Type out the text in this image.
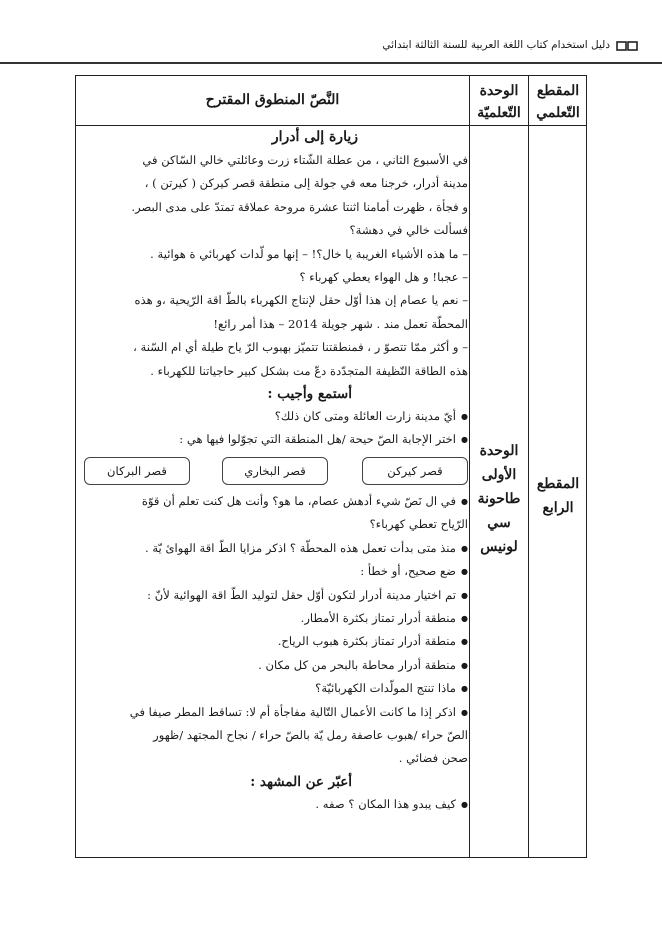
دليل استخدام كتاب اللغة العربية للسنة الثالثة ابتدائي
المقطع التّعلمي
الوحدة التّعلميّة
النَّصّ المنطوق المقترح
المقطع الرابع
الوحدة الأولى طاحونة سي لونيس
زيارة إلى أدرار
في الأسبوع الثاني ، من عطلة الشّتاء زرت وعائلتي خالي السّاكن في
مدينة أدرار، خرجنا معه في جولة إلى منطقة قصر كيركن ( كيرتن ) ،
و فجأة ، ظهرت أمامنا اثنتا عشرة مروحة عملاقة تمتدّ على مدى البصر.
فسألت خالي في دهشة؟
– ما هذه الأشياء الغريبة يا خال؟! – إنها مو لّدات كهربائي ة هوائية .
– عجبا! و هل الهواء يعطي كهرباء ؟
– نعم يا عصام إن هذا أوّل حقل لإنتاج الكهرباء بالطّ اقة الرّيحية ،و هذه
المحطّة تعمل مند . شهر جويلة 2014 – هذا أمر رائع!
– و أكثر ممّا تتصوّ ر ، فمنطقتنا تتميّز بهبوب الرّ ياح طيلة أي ام السّنة ،
هذه الطاقة النّظيفة المتجدّدة دعّ مت بشكل كبير حاجياتنا للكهرباء .
أستمع وأجيب :
● أيّ مدينة زارت العائلة ومتى كان ذلك؟
● اختر الإجابة الصّ حيحة /هل المنطقة التي تجوّلوا فيها هي :
قصر كيركن
قصر البخاري
قصر البركان
● في ال نَصّ شيء أدهش عصام، ما هو؟ وأنت هل كنت تعلم أن قوّة
الرّياح تعطي كهرباء؟
● منذ متى بدأت تعمل هذه المحطّة ؟ اذكر مزايا الطّ اقة الهوائ يّة .
● ضع صحيح، أو خطأ :
● تم اختيار مدينة أدرار لتكون أوّل حقل لتوليد الطّ اقة الهوائية لأنّ :
● منطقة أدرار تمتاز بكثرة الأمطار.
● منطقة أدرار تمتاز بكثرة هبوب الرياح.
● منطقة أدرار محاطة بالبحر من كل مكان .
● ماذا تنتج المولّدات الكهربائيّة؟
● اذكر إذا ما كانت الأعمال التّالية مفاجأة أم لا: تساقط المطر صيفا في
الصّ حراء /هبوب عاصفة رمل يّة بالصّ حراء / نجاح المجتهد /ظهور
صحن فضائي .
أعبّر عن المشهد :
● كيف يبدو هذا المكان ؟ صفه .
